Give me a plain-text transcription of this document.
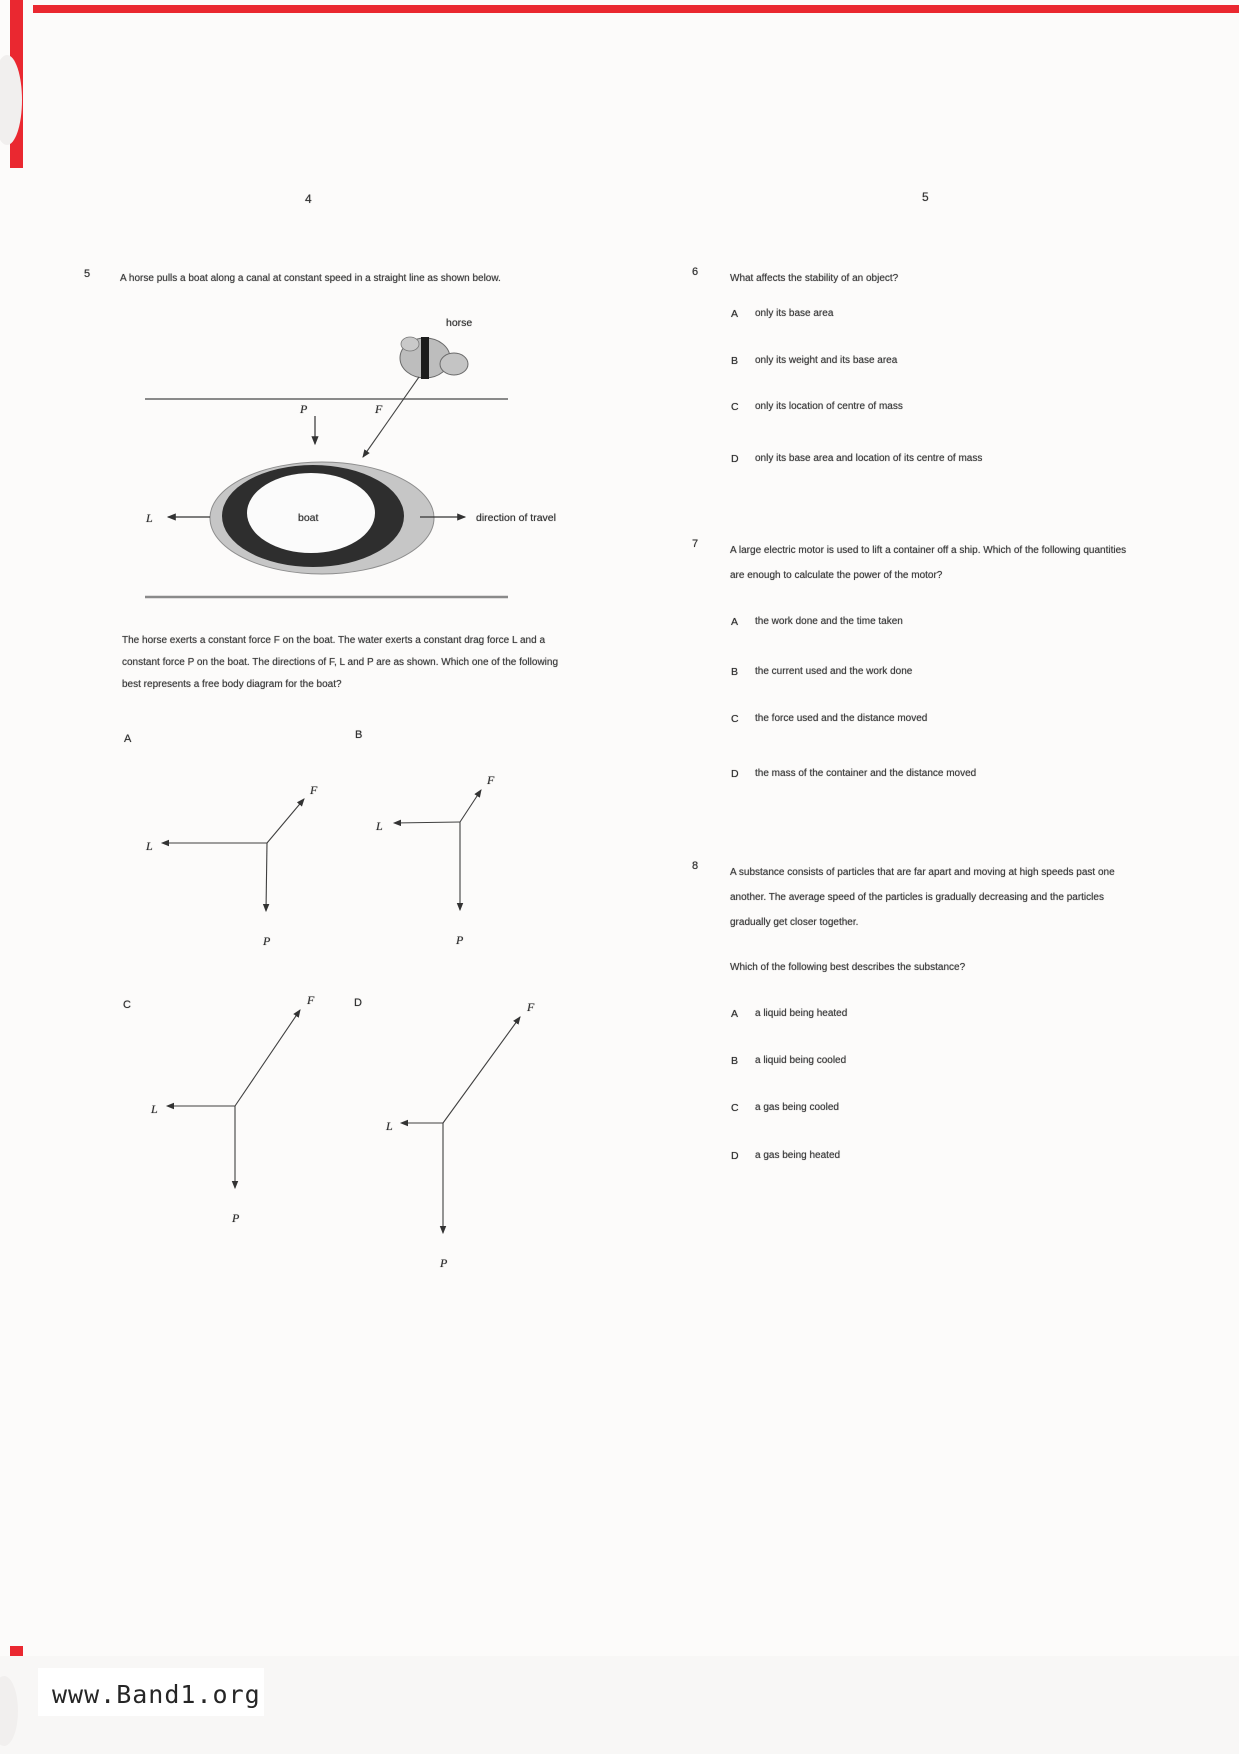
4
5	A horse pulls a boat along a canal at constant speed in a straight line as shown below.
horse
P	F
boat
L	direction of travel
The horse exerts a constant force F on the boat. The water exerts a constant drag force L and a constant force P on the boat. The directions of F, L and P are as shown. Which one of the following best represents a free body diagram for the boat?
A	B
C	D
F
L
P
F
L
P
F
L
P
F
L
P
5
6
What affects the stability of an object?
A	only its base area
B	only its weight and its base area
C	only its location of centre of mass
D	only its base area and location of its centre of mass
7
A large electric motor is used to lift a container off a ship. Which of the following quantities are enough to calculate the power of the motor?
A	the work done and the time taken
B	the current used and the work done
C	the force used and the distance moved
D	the mass of the container and the distance moved
8
A substance consists of particles that are far apart and moving at high speeds past one another. The average speed of the particles is gradually decreasing and the particles gradually get closer together.
Which of the following best describes the substance?
A	a liquid being heated
B	a liquid being cooled
C	a gas being cooled
D	a gas being heated
www.Band1.org
